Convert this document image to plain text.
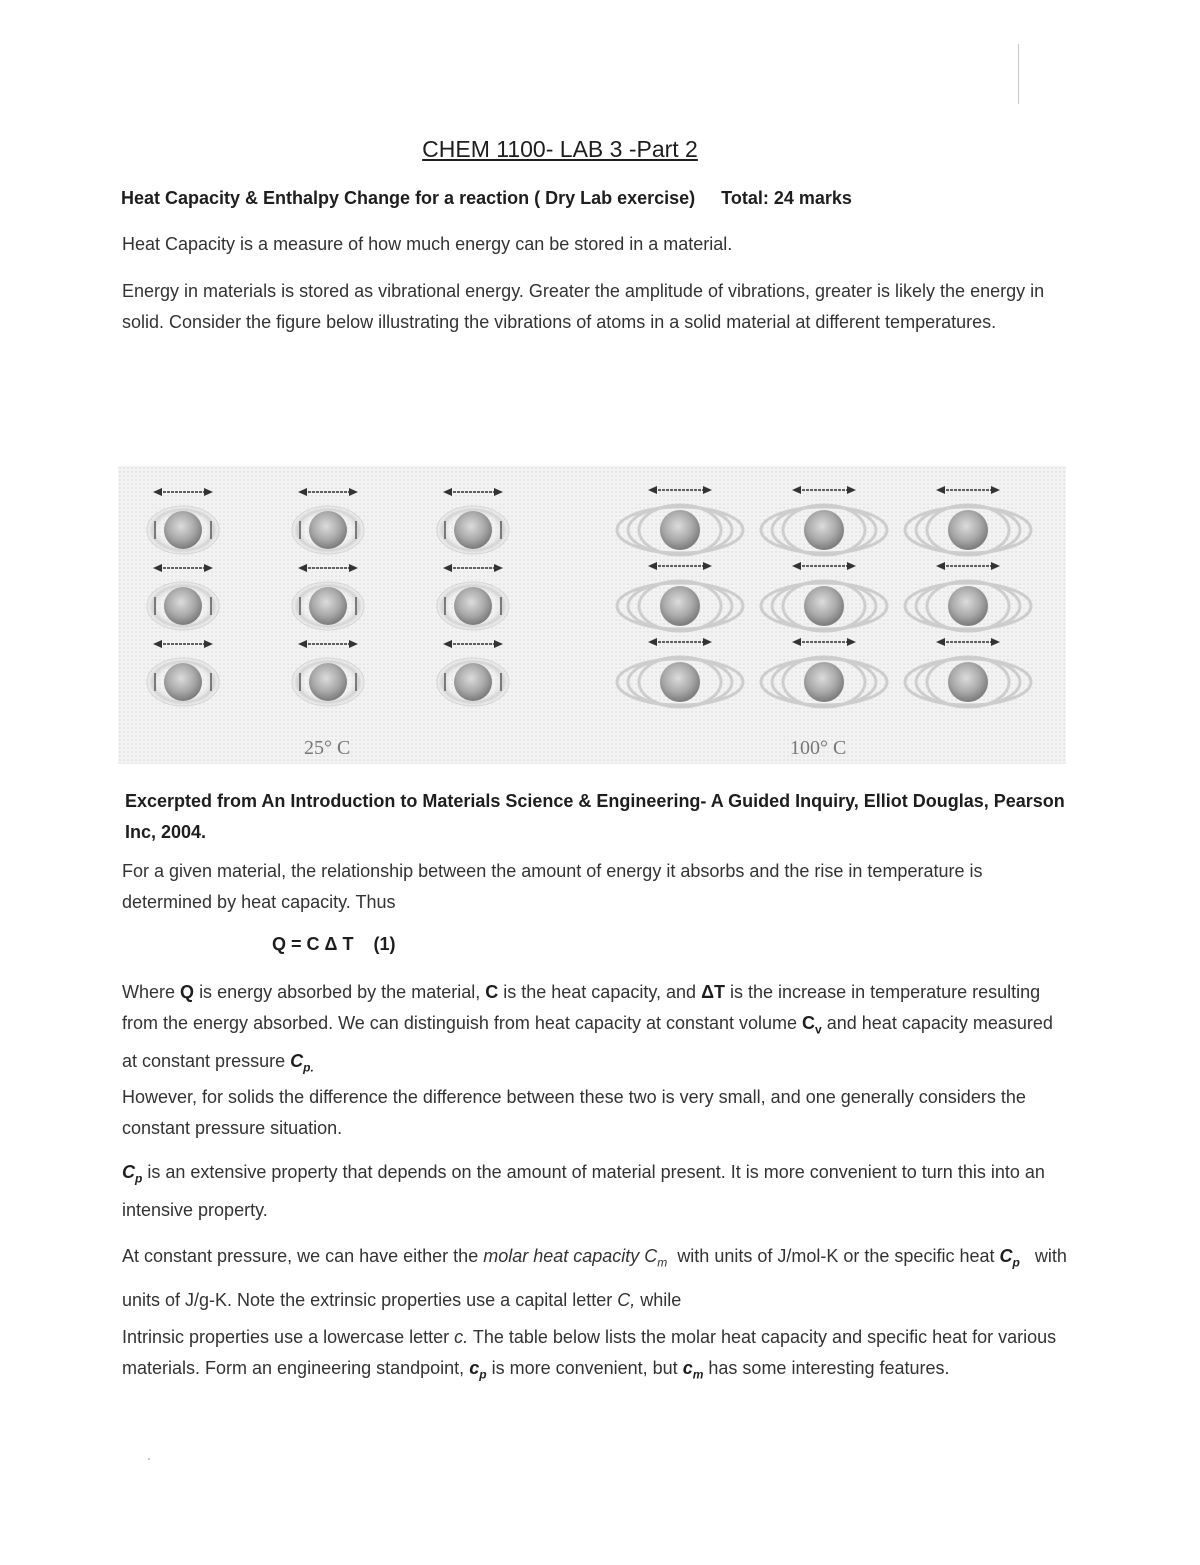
CHEM 1100- LAB 3 -Part 2
Heat Capacity & Enthalpy Change for a reaction ( Dry Lab exercise) Total: 24 marks
Heat Capacity is a measure of how much energy can be stored in a material.
Energy in materials is stored as vibrational energy. Greater the amplitude of vibrations, greater is likely the energy in solid. Consider the figure below illustrating the vibrations of atoms in a solid material at different temperatures.
25° C	100° C
Excerpted from An Introduction to Materials Science & Engineering- A Guided Inquiry, Elliot Douglas, Pearson Inc, 2004.
For a given material, the relationship between the amount of energy it absorbs and the rise in temperature is determined by heat capacity. Thus
Q = C Δ T (1)
Where Q is energy absorbed by the material, C is the heat capacity, and ΔT is the increase in temperature resulting from the energy absorbed. We can distinguish from heat capacity at constant volume $C_v$ and heat capacity measured at constant pressure $C_{p.}$
However, for solids the difference the difference between these two is very small, and one generally considers the constant pressure situation.
$C_p$ is an extensive property that depends on the amount of material present. It is more convenient to turn this into an intensive property.
At constant pressure, we can have either the molar heat capacity $C_m$ with units of J/mol-K or the specific heat $C_p$ with units of J/g-K. Note the extrinsic properties use a capital letter C, while
Intrinsic properties use a lowercase letter c. The table below lists the molar heat capacity and specific heat for various materials. Form an engineering standpoint, $c_p$ is more convenient, but $c_m$ has some interesting features.
